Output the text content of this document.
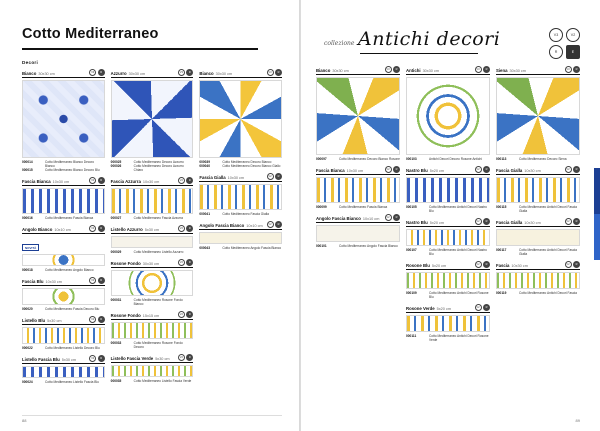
Cotto Mediterraneo
Decori
Bianco 30x30 cm	V3	R
000014	Cotto Mediterraneo Bianco Decoro Bianco
000015	Cotto Mediterraneo Bianco Decoro Blu
Fascia Bianca 10x30 cm	V2	R
000016	Cotto Mediterraneo Fascia Bianca
Angolo Bianco 10x10 cm	V2	R
NOVITÀ
000018	Cotto Mediterraneo Angolo Bianco
Fascia Blu 10x30 cm	V2	R
000020	Cotto Mediterraneo Fascia Decoro Blu
Listello Blu 5x30 cm	V2	R
000022	Cotto Mediterraneo Listello Decoro Blu
Listello Fascia Blu 5x30 cm	V2	R
000024	Cotto Mediterraneo Listello Fascia Blu
Azzurro 30x30 cm	V3	R
000025	Cotto Mediterraneo Decoro Azzurro
000026	Cotto Mediterraneo Decoro Azzurro Chiaro
Fascia Azzurra 10x30 cm	V2	R
000027	Cotto Mediterraneo Fascia Azzurra
Listello Azzurro 5x30 cm	V2	R
000029	Cotto Mediterraneo Listello Azzurro
Rosone Fondo 30x30 cm	V2	R
000031	Cotto Mediterraneo Rosone Fondo Bianco
Rosone Fondo 15x15 cm	V2	R
000033	Cotto Mediterraneo Rosone Fondo Decoro
Listello Fascia Verde 5x30 cm	V2	R
000035	Cotto Mediterraneo Listello Fascia Verde
Bianco 30x30 cm	V3	R
000039	Cotto Mediterraneo Decoro Bianco
000040	Cotto Mediterraneo Decoro Bianco Giallo
Fascia Gialla 10x30 cm	V2	R
000041	Cotto Mediterraneo Fascia Gialla
Angolo Fascia Bianco 10x10 cm	V2	R
000043	Cotto Mediterraneo Angolo Fascia Bianco
88
collezione Antichi decori	V3	V2
R	E
Bianco 30x30 cm	V3	R
000097	Cotto Mediterraneo Decoro Bianco Rosone
Fascia Bianca 10x30 cm	V2	R
000099	Cotto Mediterraneo Fascia Bianca
Angolo Fascia Bianco 10x10 cm	V2	R
000101	Cotto Mediterraneo Angolo Fascia Bianco
Antichi 30x30 cm	V3	R
000103	Antichi Decori Decoro Rosone Antichi
Nastro Blu 5x20 cm	V2	R
000105	Cotto Mediterraneo Antichi Decori Nastro Blu
Nastro Blu 5x20 cm	V2	R
000107	Cotto Mediterraneo Antichi Decori Nastro Blu
Rosone Blu 5x20 cm	V2	R
000109	Cotto Mediterraneo Antichi Decori Rosone Blu
Rosone Verde 5x20 cm	V2	R
000111	Cotto Mediterraneo Antichi Decori Rosone Verde
Siena 30x30 cm	V3	R
000113	Cotto Mediterraneo Decoro Siena
Fascia Gialla 10x30 cm	V2	R
000115	Cotto Mediterraneo Antichi Decori Fascia Gialla
Fascia Gialla 10x30 cm	V2	R
000117	Cotto Mediterraneo Antichi Decori Fascia Gialla
Fascia 10x30 cm	V2	R
000119	Cotto Mediterraneo Antichi Decori Fascia
89
